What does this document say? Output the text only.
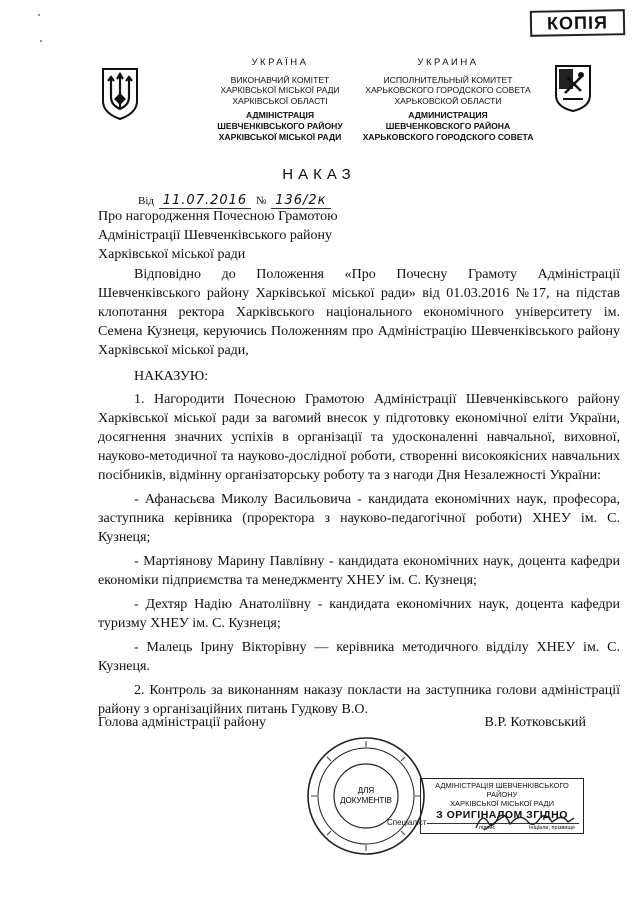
КОПІЯ
УКРАЇНА
ВИКОНАВЧИЙ КОМІТЕТ
ХАРКІВСЬКОЇ МІСЬКОЇ РАДИ
ХАРКІВСЬКОЇ ОБЛАСТІ
АДМІНІСТРАЦІЯ
ШЕВЧЕНКІВСЬКОГО РАЙОНУ
ХАРКІВСЬКОЇ МІСЬКОЇ РАДИ
УКРАИНА
ИСПОЛНИТЕЛЬНЫЙ КОМИТЕТ
ХАРЬКОВСКОГО ГОРОДСКОГО СОВЕТА
ХАРЬКОВСКОЙ ОБЛАСТИ
АДМИНИСТРАЦИЯ
ШЕВЧЕНКОВСКОГО РАЙОНА
ХАРЬКОВСКОГО ГОРОДСКОГО СОВЕТА
НАКАЗ
Від 11.07.2016 № 136/2к
Про нагородження Почесною Грамотою
Адміністрації Шевченківського району
Харківської міської ради

Відповідно до Положення «Про Почесну Грамоту Адміністрації Шевченківського району Харківської міської ради» від 01.03.2016 №17, на підстав клопотання ректора Харківського національного економічного університету ім. Семена Кузнеця, керуючись Положенням про Адміністрацію Шевченківського району Харківської міської ради,

НАКАЗУЮ:

1. Нагородити Почесною Грамотою Адміністрації Шевченківського району Харківської міської ради за вагомий внесок у підготовку економічної еліти України, досягнення значних успіхів в організації та удосконаленні навчальної, виховної, науково-методичної та науково-дослідної роботи, створенні високоякісних навчальних посібників, відмінну організаторську роботу та з нагоди Дня Незалежності України:

- Афанасьєва Миколу Васильовича - кандидата економічних наук, професора, заступника керівника (проректора з науково-педагогічної роботи) ХНЕУ ім. С. Кузнеця;

- Мартіянову Марину Павлівну - кандидата економічних наук, доцента кафедри економіки підприємства та менеджменту ХНЕУ ім. С. Кузнеця;

- Дехтяр Надію Анатоліївну - кандидата економічних наук, доцента кафедри туризму ХНЕУ ім. С. Кузнеця;

- Малець Ірину Вікторівну — керівника методичного відділу ХНЕУ ім. С. Кузнеця.

2. Контроль за виконанням наказу покласти на заступника голови адміністрації району з організаційних питань Гудкову В.О.

Голова адміністрації району	В.Р. Котковський
ДЛЯ
ДОКУМЕНТІВ
АДМІНІСТРАЦІЯ ШЕВЧЕНКІВСЬКОГО РАЙОНУ
ХАРКІВСЬКОЇ МІСЬКОЇ РАДИ
З ОРИГІНАЛОМ ЗГІДНО
Спеціаліст
підпис	Ініціали, прізвище
